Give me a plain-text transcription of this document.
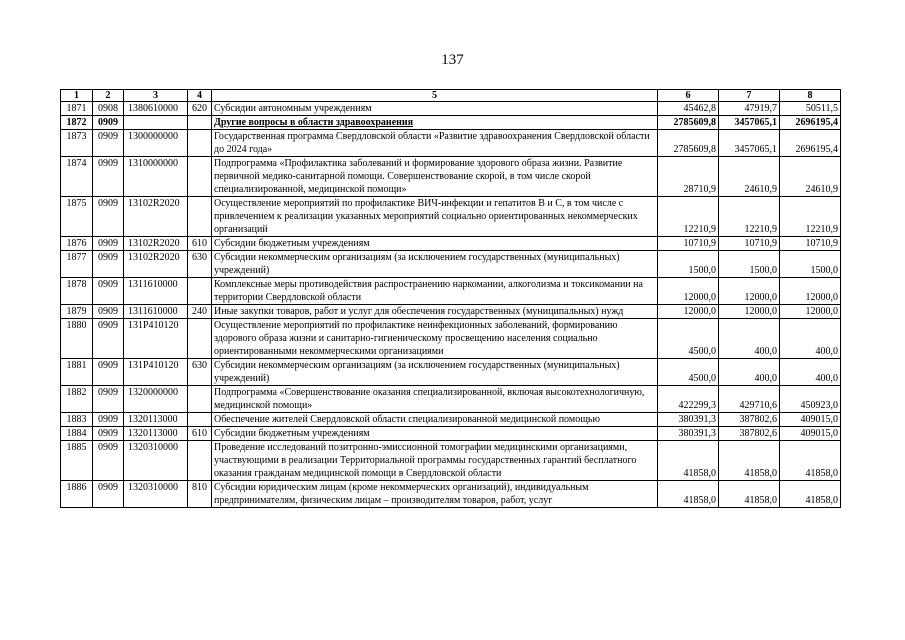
137
1	2	3	4	5	6	7	8
1871	0908	1380610000	620	Субсидии автономным учреждениям	45462,8	47919,7	50511,5
1872	0909			Другие вопросы в области здравоохранения	2785609,8	3457065,1	2696195,4
1873	0909	1300000000		Государственная программа Свердловской области «Развитие здравоохранения Свердловской области до 2024 года»	2785609,8	3457065,1	2696195,4
1874	0909	1310000000		Подпрограмма «Профилактика заболеваний и формирование здорового образа жизни. Развитие первичной медико-санитарной помощи. Совершенствование скорой, в том числе скорой специализированной, медицинской помощи»	28710,9	24610,9	24610,9
1875	0909	13102R2020		Осуществление мероприятий по профилактике ВИЧ-инфекции и гепатитов В и С, в том числе с привлечением к реализации указанных мероприятий социально ориентированных некоммерческих организаций	12210,9	12210,9	12210,9
1876	0909	13102R2020	610	Субсидии бюджетным учреждениям	10710,9	10710,9	10710,9
1877	0909	13102R2020	630	Субсидии некоммерческим организациям (за исключением государственных (муниципальных) учреждений)	1500,0	1500,0	1500,0
1878	0909	1311610000		Комплексные меры противодействия распространению наркомании, алкоголизма и токсикомании на территории Свердловской области	12000,0	12000,0	12000,0
1879	0909	1311610000	240	Иные закупки товаров, работ и услуг для обеспечения государственных (муниципальных) нужд	12000,0	12000,0	12000,0
1880	0909	131P410120		Осуществление мероприятий по профилактике неинфекционных заболеваний, формированию здорового образа жизни и санитарно-гигиеническому просвещению населения социально ориентированными некоммерческими организациями	4500,0	400,0	400,0
1881	0909	131P410120	630	Субсидии некоммерческим организациям (за исключением государственных (муниципальных) учреждений)	4500,0	400,0	400,0
1882	0909	1320000000		Подпрограмма «Совершенствование оказания специализированной, включая высокотехнологичную, медицинской помощи»	422299,3	429710,6	450923,0
1883	0909	1320113000		Обеспечение жителей Свердловской области специализированной медицинской помощью	380391,3	387802,6	409015,0
1884	0909	1320113000	610	Субсидии бюджетным учреждениям	380391,3	387802,6	409015,0
1885	0909	1320310000		Проведение исследований позитронно-эмиссионной томографии медицинскими организациями, участвующими в реализации Территориальной программы государственных гарантий бесплатного оказания гражданам медицинской помощи в Свердловской области	41858,0	41858,0	41858,0
1886	0909	1320310000	810	Субсидии юридическим лицам (кроме некоммерческих организаций), индивидуальным предпринимателям, физическим лицам – производителям товаров, работ, услуг	41858,0	41858,0	41858,0
